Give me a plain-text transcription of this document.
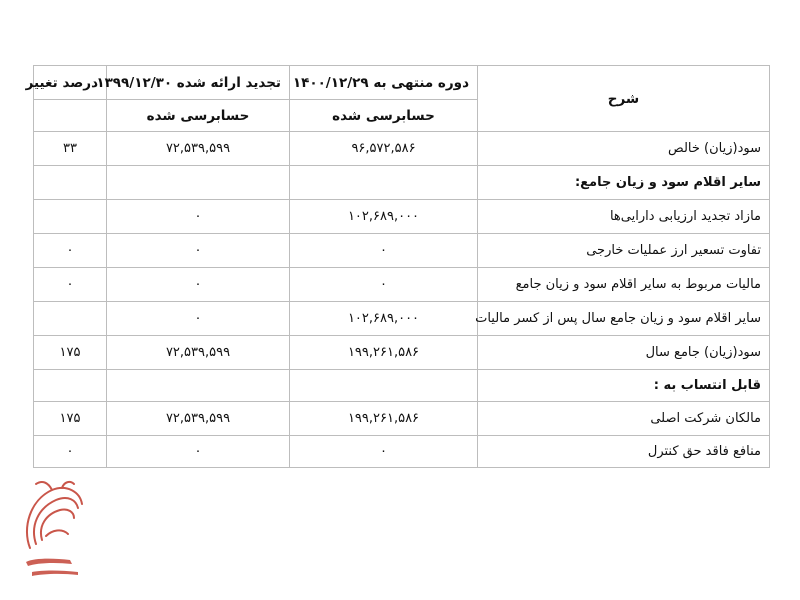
شرح	دوره منتهی به ۱۴۰۰/۱۲/۲۹	تجدید ارائه شده ۱۳۹۹/۱۲/۳۰	درصد تغییر
	حسابرسی شده	حسابرسی شده	
سود(زیان) خالص	۹۶,۵۷۲,۵۸۶	۷۲,۵۳۹,۵۹۹	۳۳
سایر اقلام سود و زیان جامع:			
مازاد تجدید ارزیابی دارایی‌ها	۱۰۲,۶۸۹,۰۰۰	۰	
تفاوت تسعیر ارز عملیات خارجی	۰	۰	۰
مالیات مربوط به سایر اقلام سود و زیان جامع	۰	۰	۰
سایر اقلام سود و زیان جامع سال پس از کسر مالیات	۱۰۲,۶۸۹,۰۰۰	۰	
سود(زیان) جامع سال	۱۹۹,۲۶۱,۵۸۶	۷۲,۵۳۹,۵۹۹	۱۷۵
قابل انتساب به :			
مالکان شرکت اصلی	۱۹۹,۲۶۱,۵۸۶	۷۲,۵۳۹,۵۹۹	۱۷۵
منافع فاقد حق کنترل	۰	۰	۰
